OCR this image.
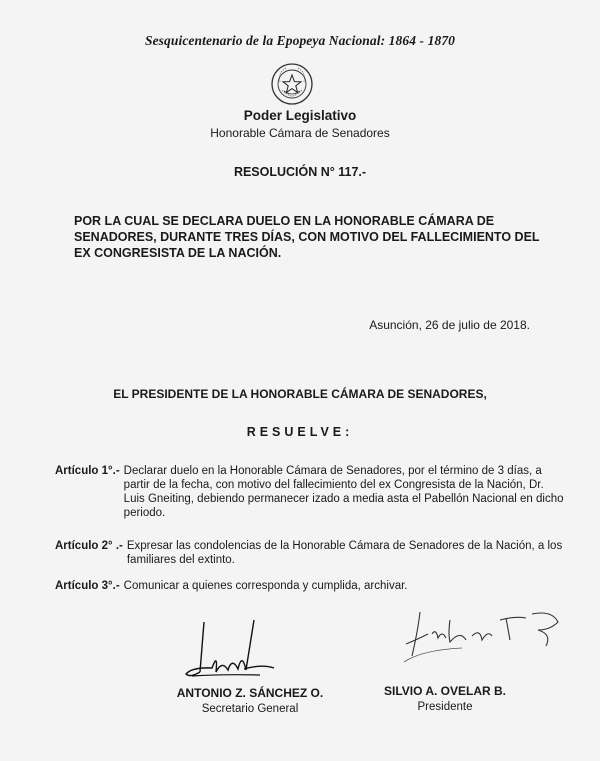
Sesquicentenario de la Epopeya Nacional: 1864 - 1870
Poder Legislativo
Honorable Cámara de Senadores
RESOLUCIÓN N° 117.-
POR LA CUAL SE DECLARA DUELO EN LA HONORABLE CÁMARA DE SENADORES, DURANTE TRES DÍAS, CON MOTIVO DEL FALLECIMIENTO DEL EX CONGRESISTA DE LA NACIÓN.
Asunción, 26 de julio de 2018.
EL PRESIDENTE DE LA HONORABLE CÁMARA DE SENADORES,
RESUELVE:
Artículo 1°.- Declarar duelo en la Honorable Cámara de Senadores, por el término de 3 días, a partir de la fecha, con motivo del fallecimiento del ex Congresista de la Nación, Dr. Luis Gneiting, debiendo permanecer izado a media asta el Pabellón Nacional en dicho periodo.
Artículo 2° .- Expresar las condolencias de la Honorable Cámara de Senadores de la Nación, a los familiares del extinto.
Artículo 3°.- Comunicar a quienes corresponda y cumplida, archivar.
ANTONIO Z. SÁNCHEZ O.
Secretario General
SILVIO A. OVELAR B.
Presidente
